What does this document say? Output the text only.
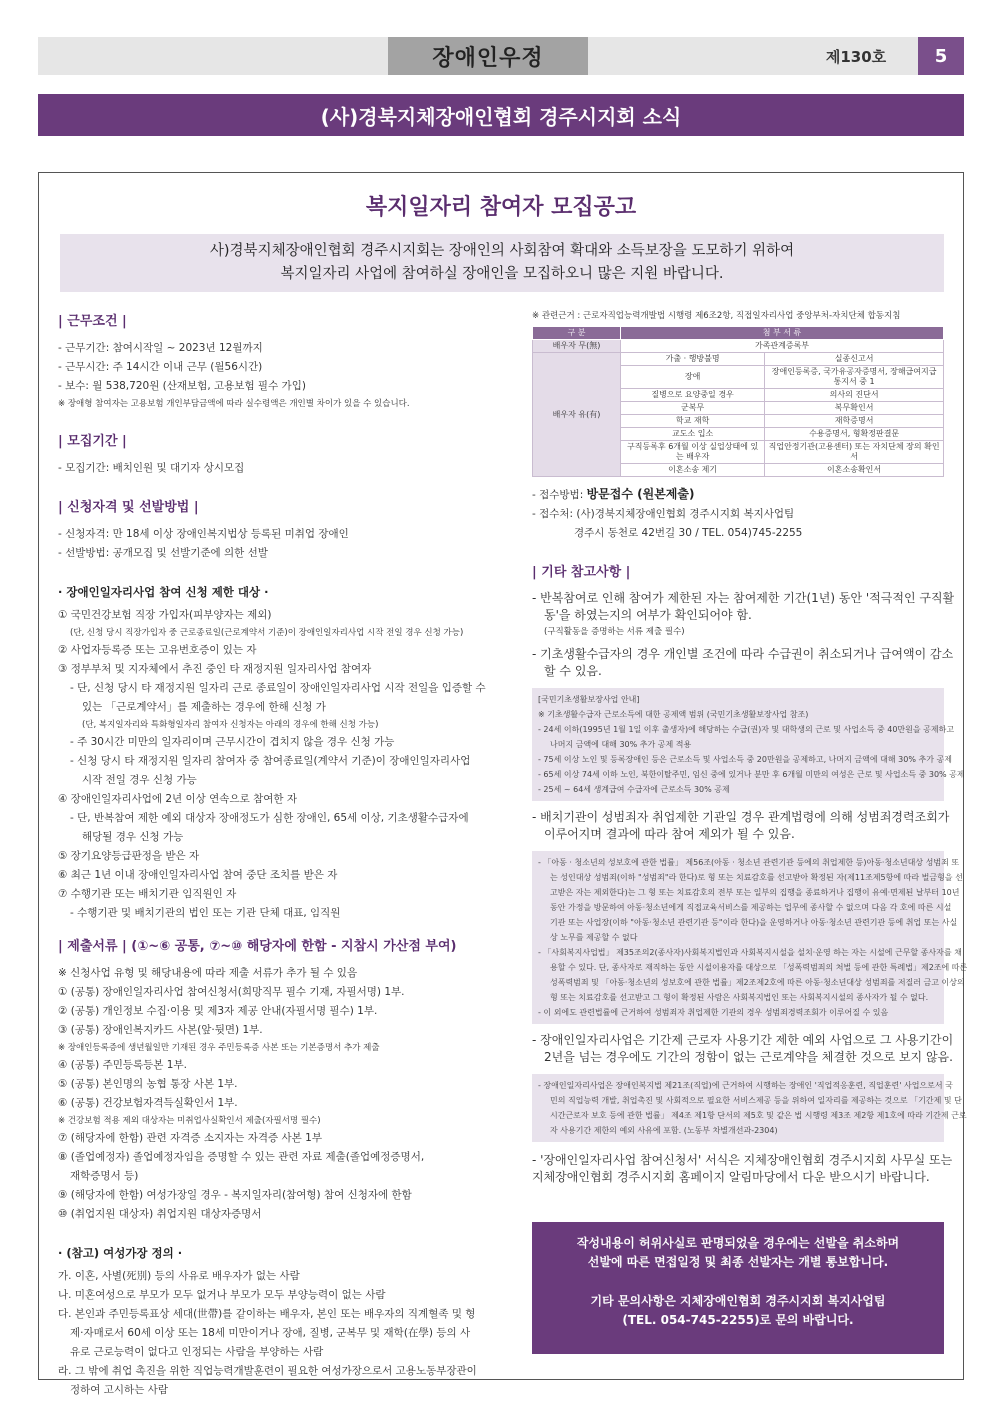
장애인우정	제130호	5
(사)경북지체장애인협회 경주시지회 소식
복지일자리 참여자 모집공고
사)경북지체장애인협회 경주시지회는 장애인의 사회참여 확대와 소득보장을 도모하기 위하여
복지일자리 사업에 참여하실 장애인을 모집하오니 많은 지원 바랍니다.
| 근무조건 |
- 근무기간: 참여시작일 ~ 2023년 12월까지
- 근무시간: 주 14시간 이내 근무 (월56시간)
- 보수: 월 538,720원 (산재보험, 고용보험 필수 가입)
※ 장애형 참여자는 고용보험 개인부담금액에 따라 실수령액은 개인별 차이가 있을 수 있습니다.
| 모집기간 |
- 모집기간: 배치인원 및 대기자 상시모집
| 신청자격 및 선발방법 |
- 신청자격: 만 18세 이상 장애인복지법상 등록된 미취업 장애인
- 선발방법: 공개모집 및 선발기준에 의한 선발
· 장애인일자리사업 참여 신청 제한 대상 ·
① 국민건강보험 직장 가입자(피부양자는 제외)
(단, 신청 당시 직장가입자 중 근로종료일(근로계약서 기준)이 장애인일자리사업 시작 전일 경우 신청 가능)
② 사업자등록증 또는 고유번호증이 있는 자
③ 정부부처 및 지자체에서 추진 중인 타 재정지원 일자리사업 참여자
- 단, 신청 당시 타 재정지원 일자리 근로 종료일이 장애인일자리사업 시작 전일을 입증할 수
있는 「근로계약서」를 제출하는 경우에 한해 신청 가
(단, 복지일자리와 특화형일자리 참여자 신청자는 아래의 경우에 한해 신청 가능)
- 주 30시간 미만의 일자리이며 근무시간이 겹치지 않을 경우 신청 가능
- 신청 당시 타 재정지원 일자리 참여자 중 참여종료일(계약서 기준)이 장애인일자리사업
시작 전일 경우 신청 가능
④ 장애인일자리사업에 2년 이상 연속으로 참여한 자
- 단, 반복참여 제한 예외 대상자 장애정도가 심한 장애인, 65세 이상, 기초생활수급자에
해당될 경우 신청 가능
⑤ 장기요양등급판정을 받은 자
⑥ 최근 1년 이내 장애인일자리사업 참여 중단 조치를 받은 자
⑦ 수행기관 또는 배치기관 임직원인 자
- 수행기관 및 배치기관의 법인 또는 기관 단체 대표, 임직원
| 제출서류 | (①~⑥ 공통, ⑦~⑩ 해당자에 한함 - 지참시 가산점 부여)
※ 신청사업 유형 및 해당내용에 따라 제출 서류가 추가 될 수 있음
① (공통) 장애인일자리사업 참여신청서(희망직무 필수 기재, 자필서명) 1부.
② (공통) 개인정보 수집·이용 및 제3자 제공 안내(자필서명 필수) 1부.
③ (공통) 장애인복지카드 사본(앞·뒷면) 1부.
※ 장애인등록증에 생년월일만 기재된 경우 주민등록증 사본 또는 기본증명서 추가 제출
④ (공통) 주민등록등본 1부.
⑤ (공통) 본인명의 농협 통장 사본 1부.
⑥ (공통) 건강보험자격득실확인서 1부.
※ 건강보험 적용 제외 대상자는 미취업사실확인서 제출(자필서명 필수)
⑦ (해당자에 한함) 관련 자격증 소지자는 자격증 사본 1부
⑧ (졸업예정자) 졸업예정자임을 증명할 수 있는 관련 자료 제출(졸업예정증명서,
재학증명서 등)
⑨ (해당자에 한함) 여성가장일 경우 - 복지일자리(참여형) 참여 신청자에 한함
⑩ (취업지원 대상자) 취업지원 대상자증명서
· (참고) 여성가장 정의 ·
가. 이혼, 사별(死別) 등의 사유로 배우자가 없는 사람
나. 미혼여성으로 부모가 모두 없거나 부모가 모두 부양능력이 없는 사람
다. 본인과 주민등록표상 세대(世帶)를 같이하는 배우자, 본인 또는 배우자의 직계혈족 및 형
제·자매로서 60세 이상 또는 18세 미만이거나 장애, 질병, 군복무 및 재학(在學) 등의 사
유로 근로능력이 없다고 인정되는 사람을 부양하는 사람
라. 그 밖에 취업 촉진을 위한 직업능력개발훈련이 필요한 여성가장으로서 고용노동부장관이
정하여 고시하는 사람
※ 관련근거 : 근로자직업능력개발법 시행령 제6조2항, 직접일자리사업 중앙부처-자치단체 합동지침
구 분	첨 부 서 류	
배우자 무(無)	가족관계증록부	
배우자 유(有)	가출 · 행방불명	실종신고서
	장애	장애인등록증, 국가유공자증명서, 장해급여지급통지서 중 1
	질병으로 요양중일 경우	의사의 진단서
	군복무	복무확인서
	학교 재학	재학증명서
	교도소 입소	수용증명서, 형확정판결문
	구직등록후 6개월 이상 실업상태에 있는 배우자	직업안정기관(고용센터) 또는 자치단체 장의 확인서
	이혼소송 제기	이혼소송확인서
- 접수방법: 방문접수 (원본제출)
- 접수처: (사)경북지체장애인협회 경주시지회 복지사업팀
경주시 동천로 42번길 30 / TEL. 054)745-2255
| 기타 참고사항 |
- 반복참여로 인해 참여가 제한된 자는 참여제한 기간(1년) 동안 '적극적인 구직활
동'을 하였는지의 여부가 확인되어야 함.
(구직활동을 증명하는 서류 제출 필수)
- 기초생활수급자의 경우 개인별 조건에 따라 수급권이 취소되거나 급여액이 감소
할 수 있음.
[국민기초생활보장사업 안내]
※ 기초생활수급자 근로소득에 대한 공제액 범위 (국민기초생활보장사업 참조)
- 24세 이하(1995년 1월 1일 이후 출생자)에 해당하는 수급(권)자 및 대학생의 근로 및 사업소득 중 40만원을 공제하고
나머지 금액에 대해 30% 추가 공제 적용
- 75세 이상 노인 및 등록장애인 등은 근로소득 및 사업소득 중 20만원을 공제하고, 나머지 금액에 대해 30% 추가 공제
- 65세 이상 74세 이하 노인, 북한이탈주민, 임신 중에 있거나 분만 후 6개월 미만의 여성은 근로 및 사업소득 중 30% 공제
- 25세 ~ 64세 생계급여 수급자에 근로소득 30% 공제
- 배치기관이 성범죄자 취업제한 기관일 경우 관계법령에 의해 성범죄경력조회가
이루어지며 결과에 따라 참여 제외가 될 수 있음.
- 「아동 · 청소년의 성보호에 관한 법률」 제56조(아동 · 청소년 관련기관 등에의 취업제한 등)아동·청소년대상 성범죄 또
는 성인대상 성범죄(이하 "성범죄"라 한다)로 형 또는 치료감호를 선고받아 확정된 자(제11조제5항에 따라 벌금형을 선
고받은 자는 제외한다)는 그 형 또는 치료감호의 전부 또는 일부의 집행을 종료하거나 집행이 유예·면제된 날부터 10년
동안 가정을 방문하여 아동·청소년에게 직접교육서비스를 제공하는 업무에 종사할 수 없으며 다음 각 호에 따른 시설
기관 또는 사업장(이하 "아동·청소년 관련기관 등"이라 한다)을 운영하거나 아동·청소년 관련기관 등에 취업 또는 사실
상 노무를 제공할 수 없다
- 「사회복지사업법」 제35조의2(종사자)사회복지법인과 사회복지시설을 설치·운영 하는 자는 시설에 근무할 종사자를 채
용할 수 있다. 단, 종사자로 재직하는 동안 시설이용자를 대상으로 「성폭력범죄의 처벌 등에 관한 특례법」제2조에 따른
성폭력범죄 및 「아동·청소년의 성보호에 관한 법률」제2조제2호에 따른 아동·청소년대상 성범죄를 저질러 금고 이상의
형 또는 치료감호를 선고받고 그 형이 확정된 사람은 사회복지법인 또는 사회복지시설의 종사자가 될 수 없다.
- 이 외에도 관련법률에 근거하여 성범죄자 취업제한 기관의 경우 성범죄경력조회가 이루어질 수 있음
- 장애인일자리사업은 기간제 근로자 사용기간 제한 예외 사업으로 그 사용기간이
2년을 넘는 경우에도 기간의 정함이 없는 근로계약을 체결한 것으로 보지 않음.
- 장애인일자리사업은 장애인복지법 제21조(직업)에 근거하여 시행하는 장애인 '직업적응훈련, 직업훈련' 사업으로서 국
민의 직업능력 개발, 취업촉진 및 사회적으로 필요한 서비스제공 등을 위하여 일자리를 제공하는 것으로 「기간제 및 단
시간근로자 보호 등에 관한 법률」 제4조 제1항 단서의 제5호 및 같은 법 시행령 제3조 제2항 제1호에 따라 기간제 근로
자 사용기간 제한의 예외 사유에 포함. (노동부 차별개선과-2304)
- '장애인일자리사업 참여신청서' 서식은 지체장애인협회 경주시지회 사무실 또는
지체장애인협회 경주시지회 홈페이지 알림마당에서 다운 받으시기 바랍니다.
작성내용이 허위사실로 판명되었을 경우에는 선발을 취소하며
선발에 따른 면접일정 및 최종 선발자는 개별 통보합니다.
기타 문의사항은 지체장애인협회 경주시지회 복지사업팀
(TEL. 054-745-2255)로 문의 바랍니다.
